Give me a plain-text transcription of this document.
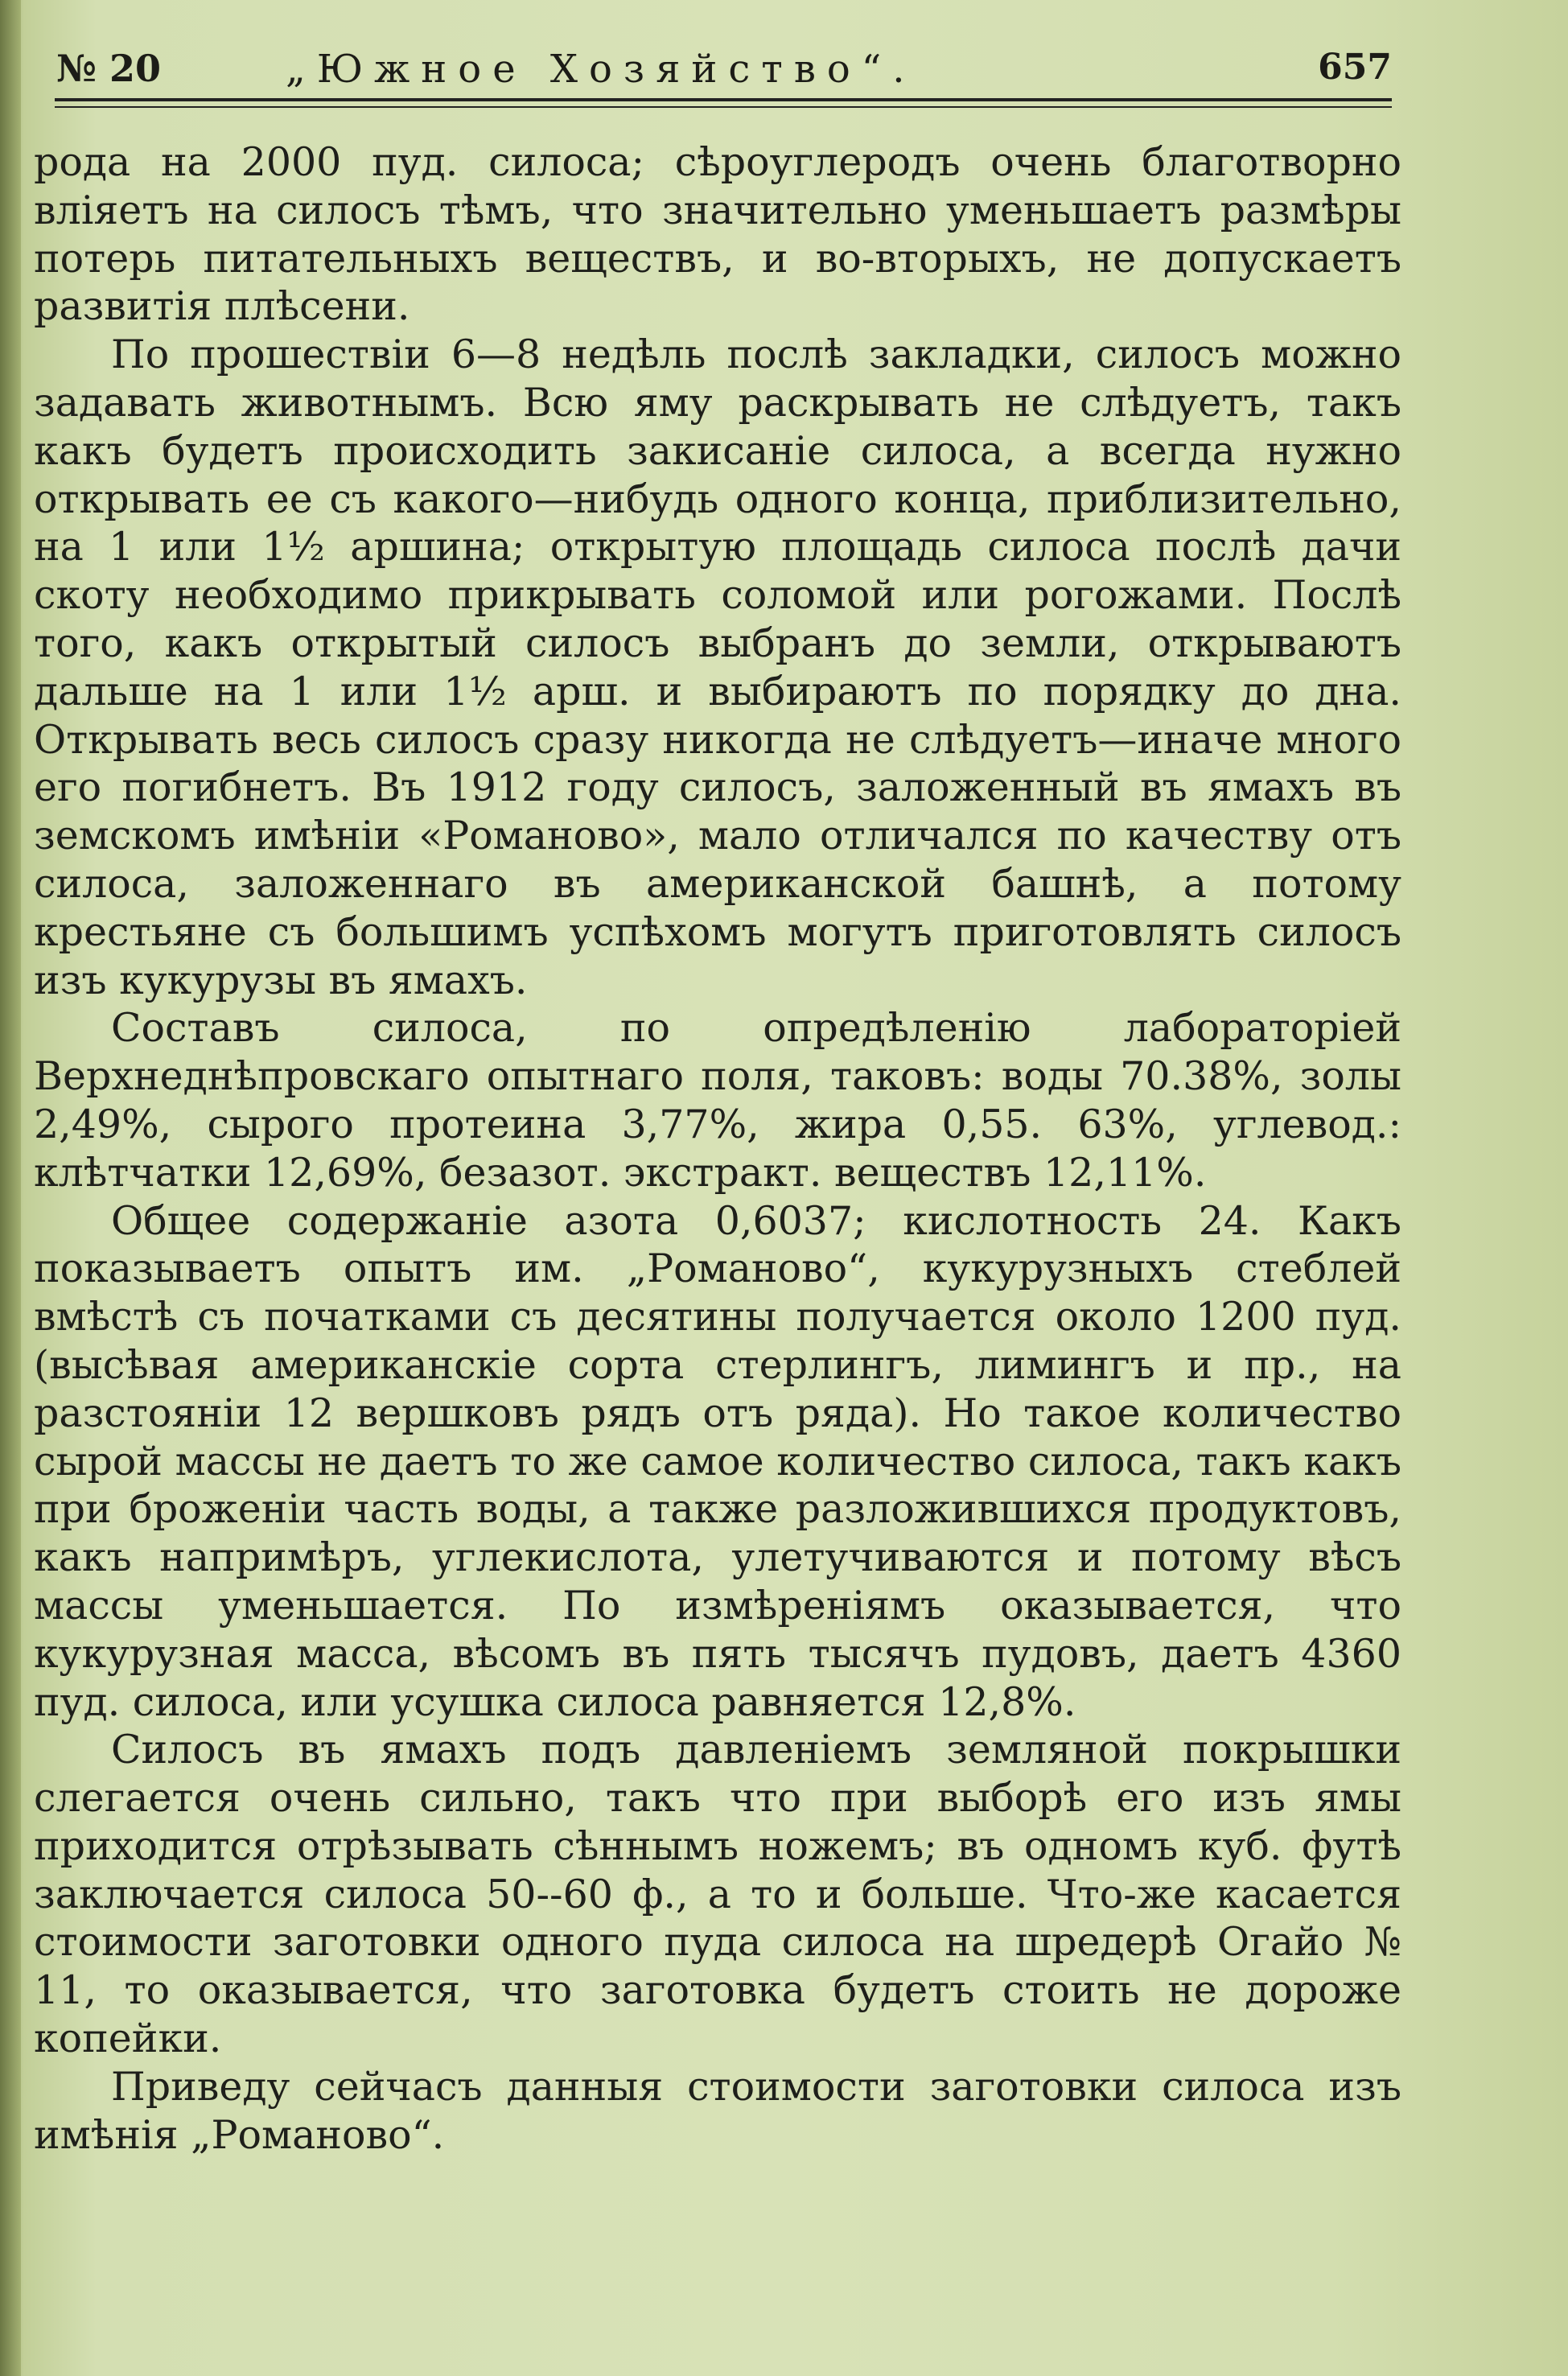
№ 20	„Южное Хозяйство“.	657

рода на 2000 пуд. силоса; сѣроуглеродъ очень благотворно вліяетъ на силосъ тѣмъ, что значительно уменьшаетъ размѣры потерь питательныхъ веществъ, и во-вторыхъ, не допускаетъ развитія плѣсени.

По прошествіи 6—8 недѣль послѣ закладки, силосъ можно задавать животнымъ. Всю яму раскрывать не слѣдуетъ, такъ какъ будетъ происходить закисаніе силоса, а всегда нужно открывать ее съ какого—нибудь одного конца, приблизительно, на 1 или 1½ аршина; открытую площадь силоса послѣ дачи скоту необходимо прикрывать соломой или рогожами. Послѣ того, какъ открытый силосъ выбранъ до земли, открываютъ дальше на 1 или 1½ арш. и выбираютъ по порядку до дна. Открывать весь силосъ сразу никогда не слѣдуетъ—иначе много его погибнетъ. Въ 1912 году силосъ, заложенный въ ямахъ въ земскомъ имѣніи «Романово», мало отличался по качеству отъ силоса, заложеннаго въ американской башнѣ, а потому крестьяне съ большимъ успѣхомъ могутъ приготовлять силосъ изъ кукурузы въ ямахъ.

Составъ силоса, по опредѣленію лабораторіей Верхнеднѣпровскаго опытнаго поля, таковъ: воды 70.38%, золы 2,49%, сырого протеина 3,77%, жира 0,55. 63%, углевод.: клѣтчатки 12,69%, безазот. экстракт. веществъ 12,11%.

Общее содержаніе азота 0,6037; кислотность 24. Какъ показываетъ опытъ им. „Романово“, кукурузныхъ стеблей вмѣстѣ съ початками съ десятины получается около 1200 пуд. (высѣвая американскіе сорта стерлингъ, лимингъ и пр., на разстояніи 12 вершковъ рядъ отъ ряда). Но такое количество сырой массы не даетъ то же самое количество силоса, такъ какъ при броженіи часть воды, а также разложившихся продуктовъ, какъ напримѣръ, углекислота, улетучиваются и потому вѣсъ массы уменьшается. По измѣреніямъ оказывается, что кукурузная масса, вѣсомъ въ пять тысячъ пудовъ, даетъ 4360 пуд. силоса, или усушка силоса равняется 12,8%.

Силосъ въ ямахъ подъ давленіемъ земляной покрышки слегается очень сильно, такъ что при выборѣ его изъ ямы приходится отрѣзывать сѣннымъ ножемъ; въ одномъ куб. футѣ заключается силоса 50--60 ф., а то и больше. Что-же касается стоимости заготовки одного пуда силоса на шредерѣ Огайо № 11, то оказывается, что заготовка будетъ стоить не дороже копейки.

Приведу сейчасъ данныя стоимости заготовки силоса изъ имѣнія „Романово“.
